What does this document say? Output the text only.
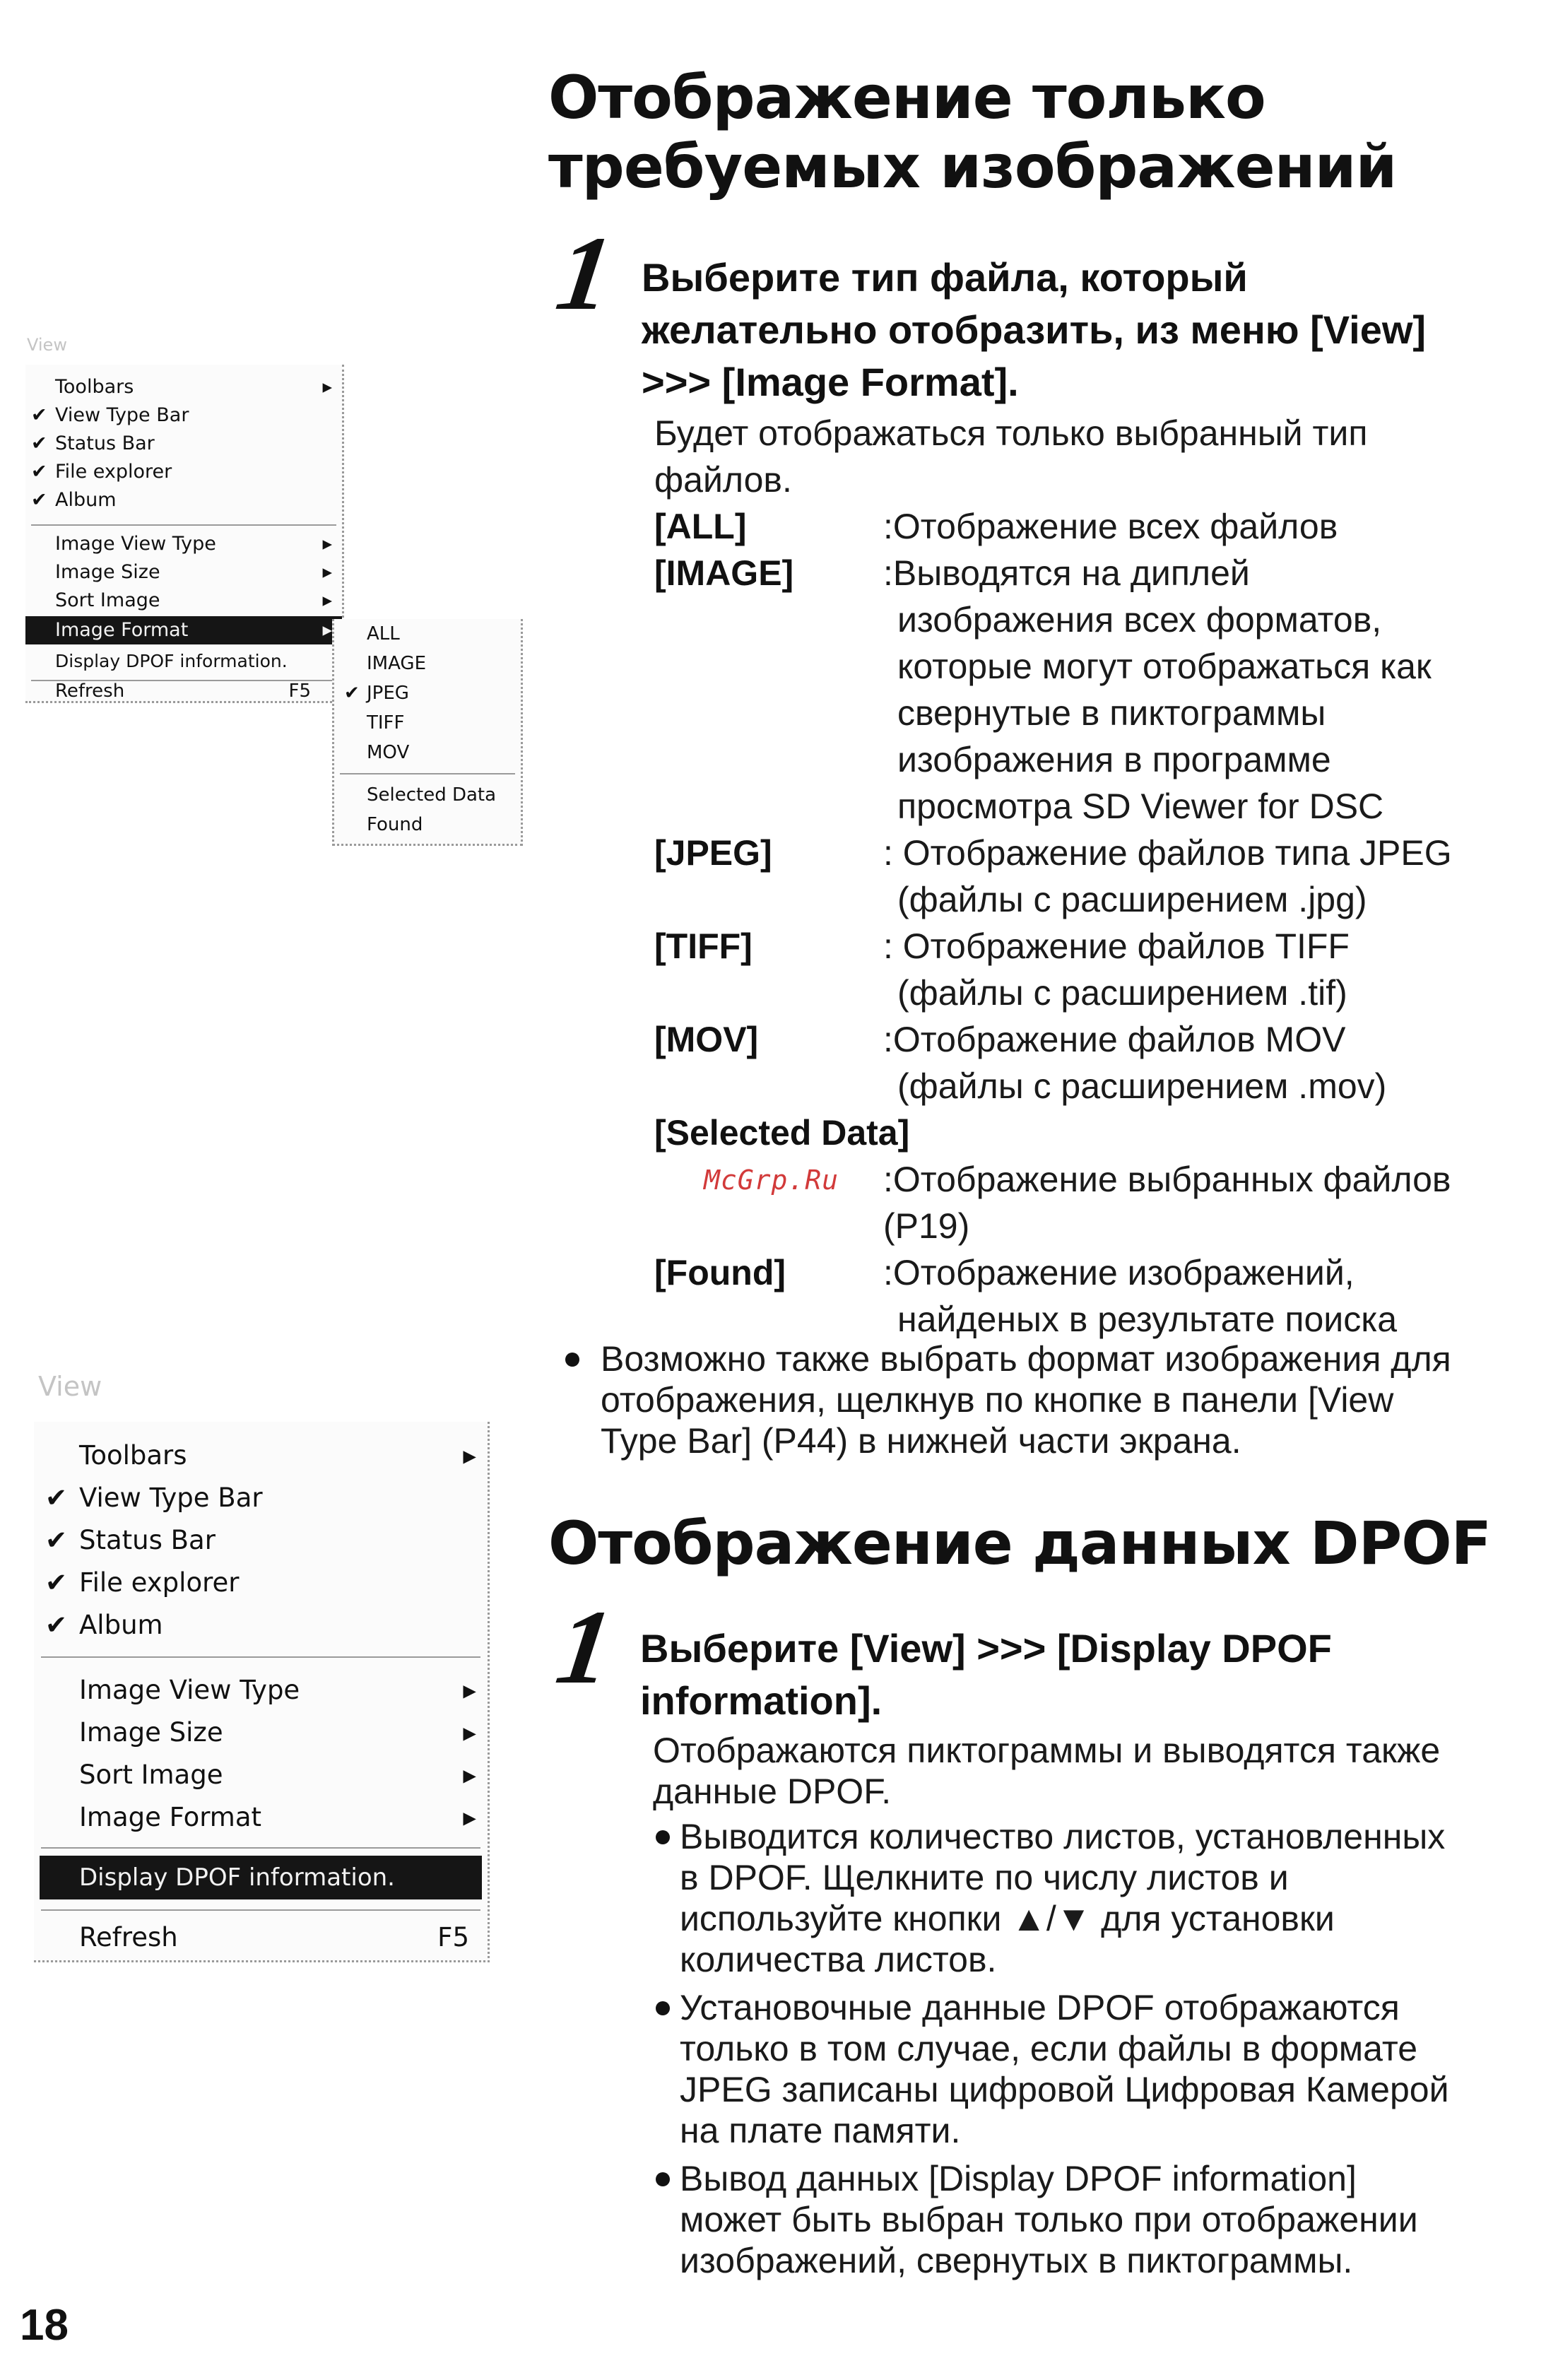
View
Toolbars	▸
✔ View Type Bar
✔ Status Bar
✔ File explorer
✔ Album
Image View Type	▸
Image Size	▸
Sort Image	▸
Image Format	▸
Display DPOF information.
Refresh	F5
ALL
IMAGE
✔ JPEG
TIFF
MOV
Selected Data
Found
View
Toolbars	▸
✔ View Type Bar
✔ Status Bar
✔ File explorer
✔ Album
Image View Type	▸
Image Size	▸
Sort Image	▸
Image Format	▸
Display DPOF information.
Refresh	F5
Отображение только
требуемых изображений
1 Выберите тип файла, который
желательно отобразить, из меню [View]
>>> [Image Format].
Будет отображаться только выбранный тип
файлов.
[ALL]	:Отображение всех файлов
[IMAGE]	:Выводятся на диплей
изображения всех форматов,
которые могут отображаться как
свернутые в пиктограммы
изображения в программе
просмотра SD Viewer for DSC
[JPEG]	: Отображение файлов типа JPEG
(файлы с расширением .jpg)
[TIFF]	: Отображение файлов TIFF
(файлы с расширением .tif)
[MOV]	:Отображение файлов MOV
(файлы с расширением .mov)
[Selected Data]
McGrp.Ru :Отображение выбранных файлов
(P19)
[Found]	:Отображение изображений,
найденых в результате поиска
Возможно также выбрать формат изображения для
отображения, щелкнув по кнопке в панели [View
Type Bar] (P44) в нижней части экрана.
Отображение данных DPOF
1 Выберите [View] >>> [Display DPOF
information].
Отображаются пиктограммы и выводятся также
данные DPOF.
Выводится количество листов, установленных
в DPOF. Щелкните по числу листов и
используйте кнопки ▲/▼ для установки
количества листов.
Установочные данные DPOF отображаются
только в том случае, если файлы в формате
JPEG записаны цифровой Цифровая Камерой
на плате памяти.
Вывод данных [Display DPOF information]
может быть выбран только при отображении
изображений, свернутых в пиктограммы.
18
